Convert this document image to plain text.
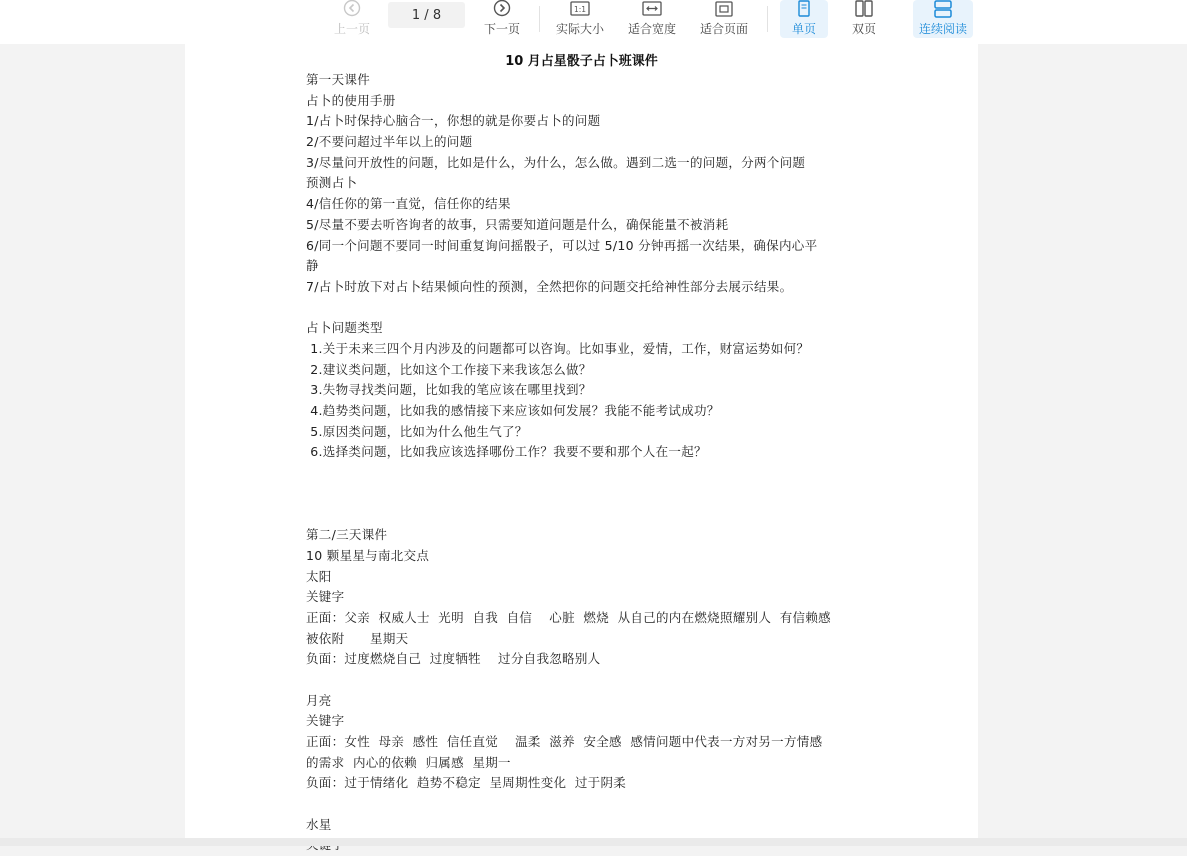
上一页
1 / 8
下一页
1:1
实际大小 适合宽度 适合页面	单页	双页	连续阅读
10 月占星骰子占卜班课件
第一天课件
占卜的使用手册
1/占卜时保持心脑合一，你想的就是你要占卜的问题
2/不要问超过半年以上的问题
3/尽量问开放性的问题，比如是什么，为什么，怎么做。遇到二选一的问题，分两个问题
预测占卜
4/信任你的第一直觉，信任你的结果
5/尽量不要去听咨询者的故事，只需要知道问题是什么，确保能量不被消耗
6/同一个问题不要同一时间重复询问摇骰子，可以过 5/10 分钟再摇一次结果，确保内心平
静
7/占卜时放下对占卜结果倾向性的预测，全然把你的问题交托给神性部分去展示结果。
占卜问题类型
1.关于未来三四个月内涉及的问题都可以咨询。比如事业，爱情，工作，财富运势如何？
2.建议类问题，比如这个工作接下来我该怎么做？
3.失物寻找类问题，比如我的笔应该在哪里找到？
4.趋势类问题，比如我的感情接下来应该如何发展？我能不能考试成功？
5.原因类问题，比如为什么他生气了？
6.选择类问题，比如我应该选择哪份工作？我要不要和那个人在一起？
第二/三天课件
10 颗星星与南北交点
太阳
关键字
正面：父亲  权威人士  光明  自我  自信    心脏  燃烧  从自己的内在燃烧照耀别人  有信赖感
被依附      星期天
负面：过度燃烧自己  过度牺牲    过分自我忽略别人
月亮
关键字
正面：女性  母亲  感性  信任直觉    温柔  滋养  安全感  感情问题中代表一方对另一方情感
的需求  内心的依赖  归属感  星期一
负面：过于情绪化  趋势不稳定  呈周期性变化  过于阴柔
水星
